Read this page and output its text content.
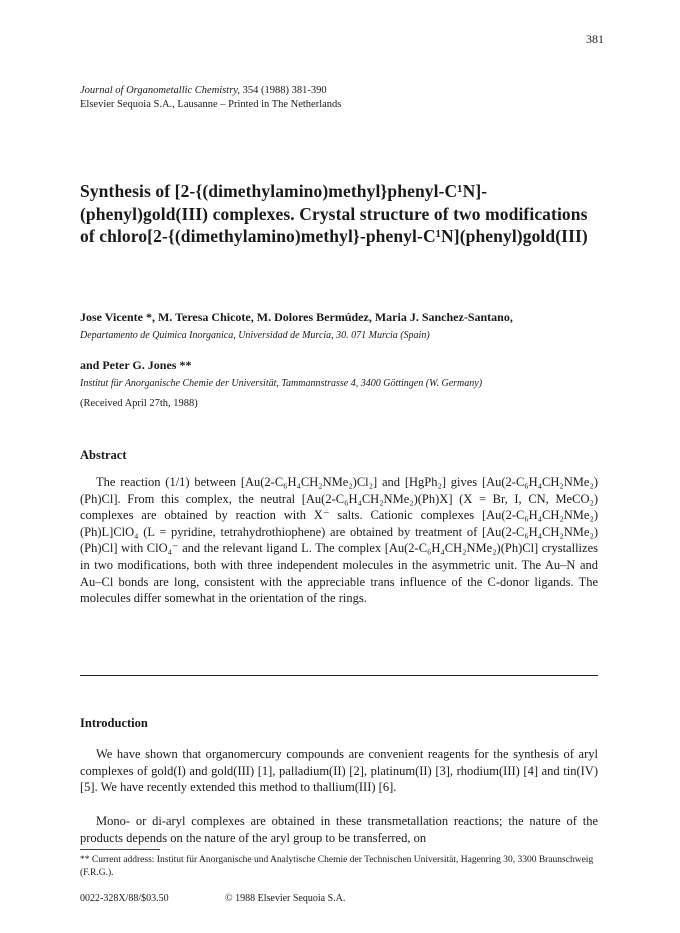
381
Journal of Organometallic Chemistry, 354 (1988) 381-390
Elsevier Sequoia S.A., Lausanne – Printed in The Netherlands
Synthesis of [2-{(dimethylamino)methyl}phenyl-C¹N]-(phenyl)gold(III) complexes. Crystal structure of two modifications of chloro[2-{(dimethylamino)methyl}-phenyl-C¹N](phenyl)gold(III)
Jose Vicente *, M. Teresa Chicote, M. Dolores Bermúdez, Maria J. Sanchez-Santano,
Departamento de Quimica Inorganica, Universidad de Murcia, 30. 071 Murcia (Spain)
and Peter G. Jones **
Institut für Anorganische Chemie der Universität, Tammannstrasse 4, 3400 Göttingen (W. Germany)
(Received April 27th, 1988)
Abstract

The reaction (1/1) between [Au(2-C₆H₄CH₂NMe₂)Cl₂] and [HgPh₂] gives [Au(2-C₆H₄CH₂NMe₂)(Ph)Cl]. From this complex, the neutral [Au(2-C₆H₄CH₂NMe₂)(Ph)X] (X = Br, I, CN, MeCO₂) complexes are obtained by reaction with X⁻ salts. Cationic complexes [Au(2-C₆H₄CH₂NMe₂)(Ph)L]ClO₄ (L = pyridine, tetrahydrothiophene) are obtained by treatment of [Au(2-C₆H₄CH₂NMe₂)(Ph)Cl] with ClO₄⁻ and the relevant ligand L. The complex [Au(2-C₆H₄CH₂NMe₂)(Ph)Cl] crystallizes in two modifications, both with three independent molecules in the asymmetric unit. The Au–N and Au–Cl bonds are long, consistent with the appreciable trans influence of the C-donor ligands. The molecules differ somewhat in the orientation of the rings.

Introduction

We have shown that organomercury compounds are convenient reagents for the synthesis of aryl complexes of gold(I) and gold(III) [1], palladium(II) [2], platinum(II) [3], rhodium(III) [4] and tin(IV) [5]. We have recently extended this method to thallium(III) [6].

Mono- or di-aryl complexes are obtained in these transmetallation reactions; the nature of the products depends on the nature of the aryl group to be transferred, on

** Current address: Institut für Anorganische und Analytische Chemie der Technischen Universität, Hagenring 30, 3300 Braunschweig (F.R.G.).

0022-328X/88/$03.50	© 1988 Elsevier Sequoia S.A.
